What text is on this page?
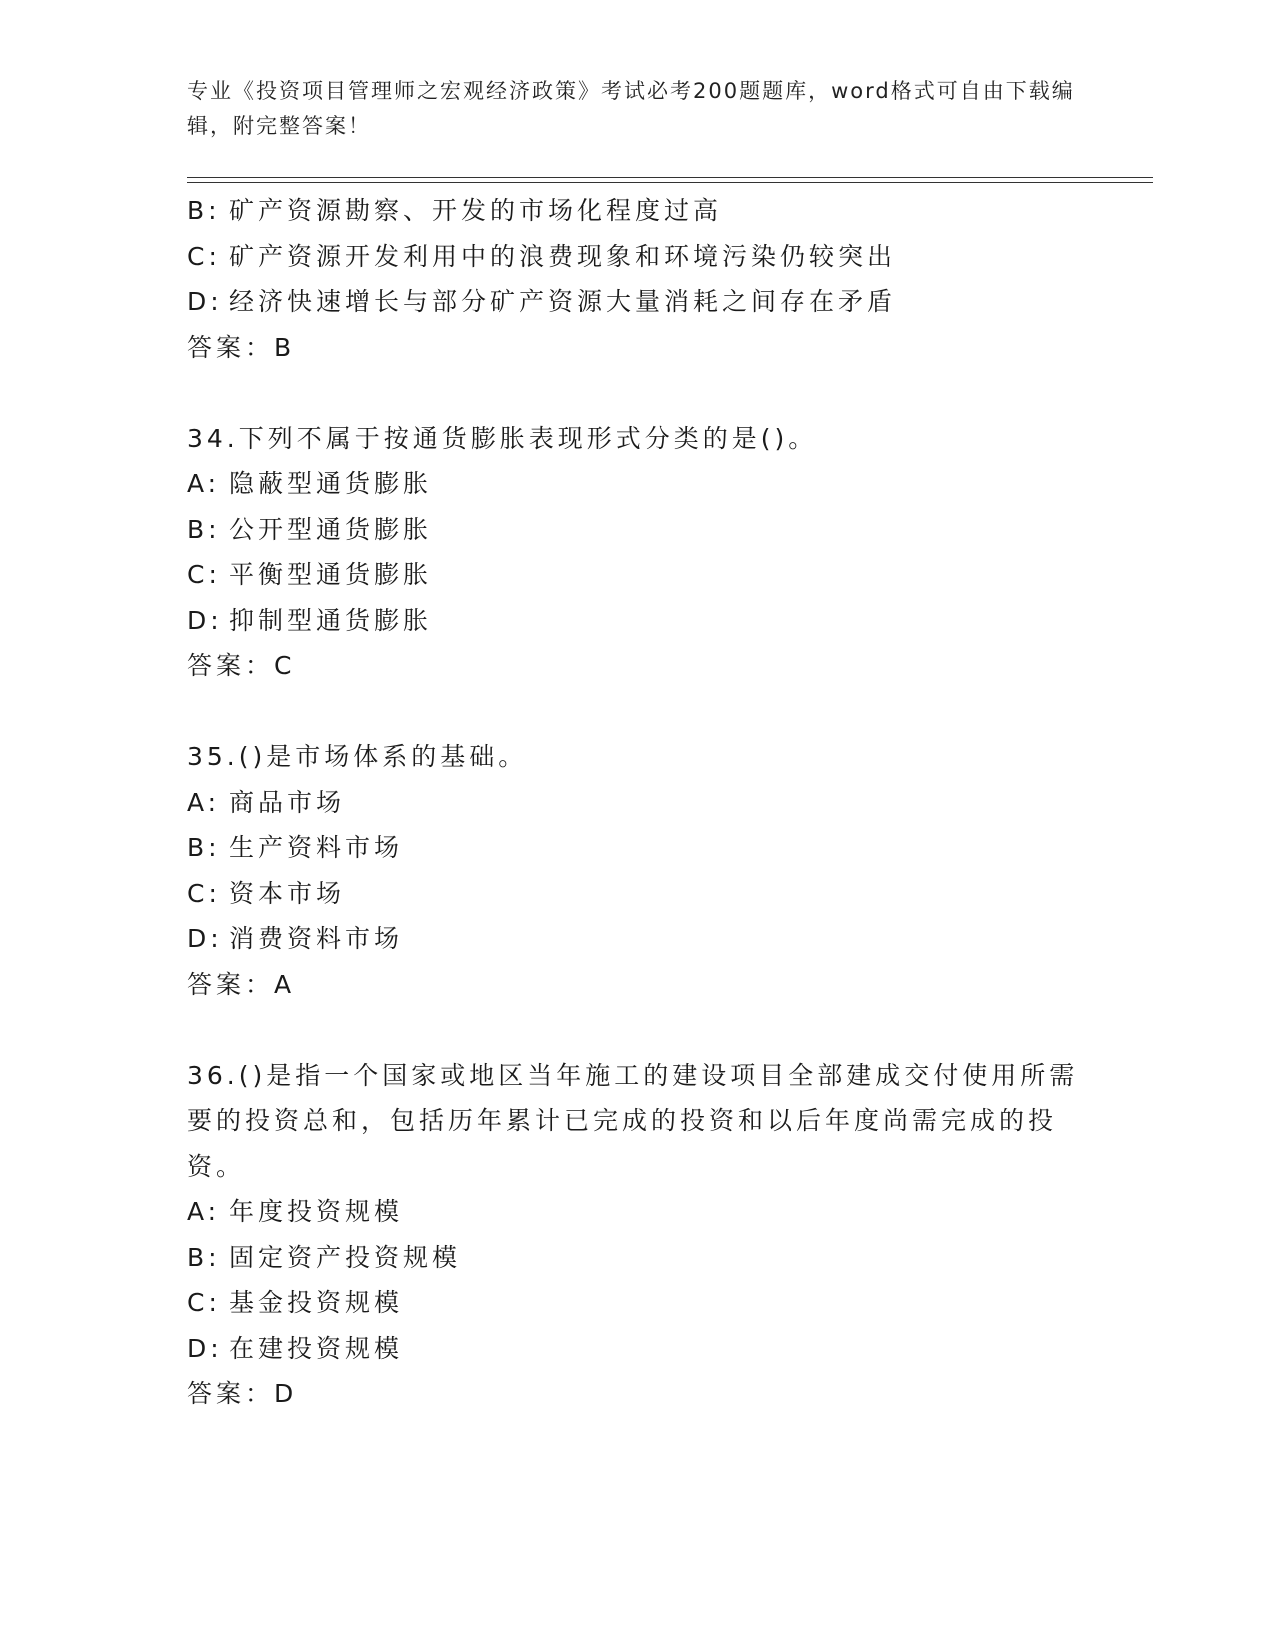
专业《投资项目管理师之宏观经济政策》考试必考200题题库，word格式可自由下载编辑，附完整答案！
B: 矿产资源勘察、开发的市场化程度过高
C: 矿产资源开发利用中的浪费现象和环境污染仍较突出
D: 经济快速增长与部分矿产资源大量消耗之间存在矛盾
答案：B
34.下列不属于按通货膨胀表现形式分类的是()。
A: 隐蔽型通货膨胀
B: 公开型通货膨胀
C: 平衡型通货膨胀
D: 抑制型通货膨胀
答案：C
35.()是市场体系的基础。
A: 商品市场
B: 生产资料市场
C: 资本市场
D: 消费资料市场
答案：A
36.()是指一个国家或地区当年施工的建设项目全部建成交付使用所需要的投资总和，包括历年累计已完成的投资和以后年度尚需完成的投资。
A: 年度投资规模
B: 固定资产投资规模
C: 基金投资规模
D: 在建投资规模
答案：D
